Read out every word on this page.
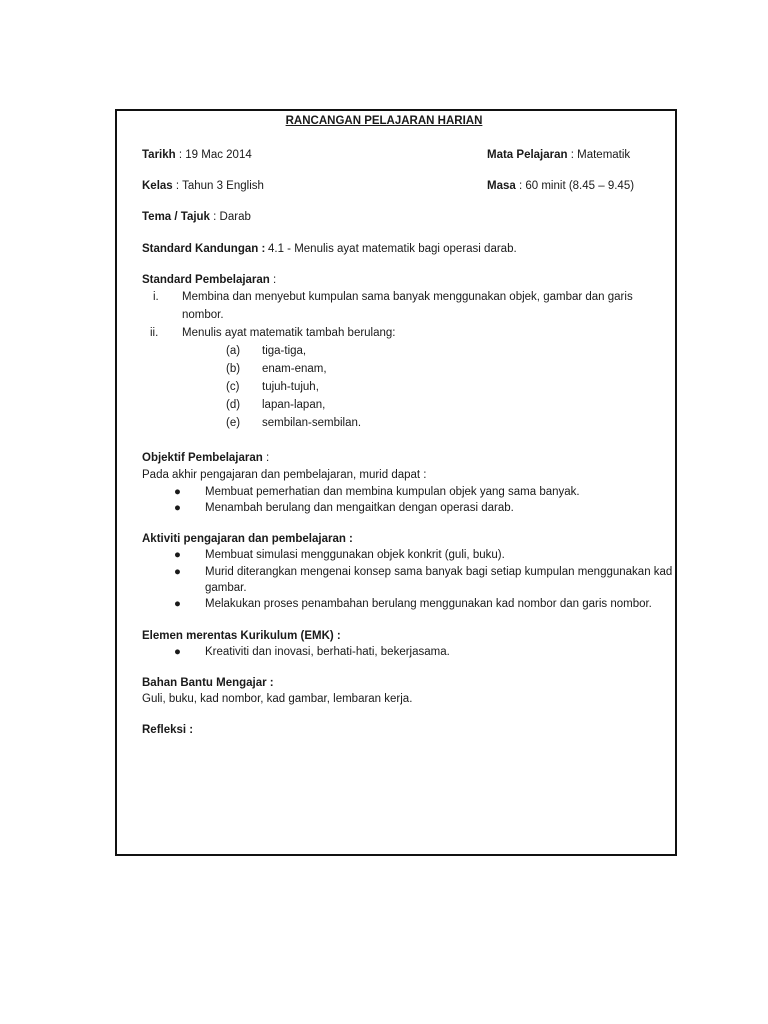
RANCANGAN PELAJARAN HARIAN
Tarikh : 19 Mac 2014	Mata Pelajaran : Matematik
Kelas : Tahun 3 English	Masa : 60 minit (8.45 – 9.45)
Tema / Tajuk : Darab
Standard Kandungan : 4.1 - Menulis ayat matematik bagi operasi darab.
Standard Pembelajaran :
i. Membina dan menyebut kumpulan sama banyak menggunakan objek, gambar dan garis
nombor.
ii. Menulis ayat matematik tambah berulang:
(a) tiga-tiga,
(b) enam-enam,
(c) tujuh-tujuh,
(d) lapan-lapan,
(e) sembilan-sembilan.
Objektif Pembelajaran :
Pada akhir pengajaran dan pembelajaran, murid dapat :
● Membuat pemerhatian dan membina kumpulan objek yang sama banyak.
● Menambah berulang dan mengaitkan dengan operasi darab.
Aktiviti pengajaran dan pembelajaran :
● Membuat simulasi menggunakan objek konkrit (guli, buku).
● Murid diterangkan mengenai konsep sama banyak bagi setiap kumpulan menggunakan kad
gambar.
● Melakukan proses penambahan berulang menggunakan kad nombor dan garis nombor.
Elemen merentas Kurikulum (EMK) :
● Kreativiti dan inovasi, berhati-hati, bekerjasama.
Bahan Bantu Mengajar :
Guli, buku, kad nombor, kad gambar, lembaran kerja.
Refleksi :
